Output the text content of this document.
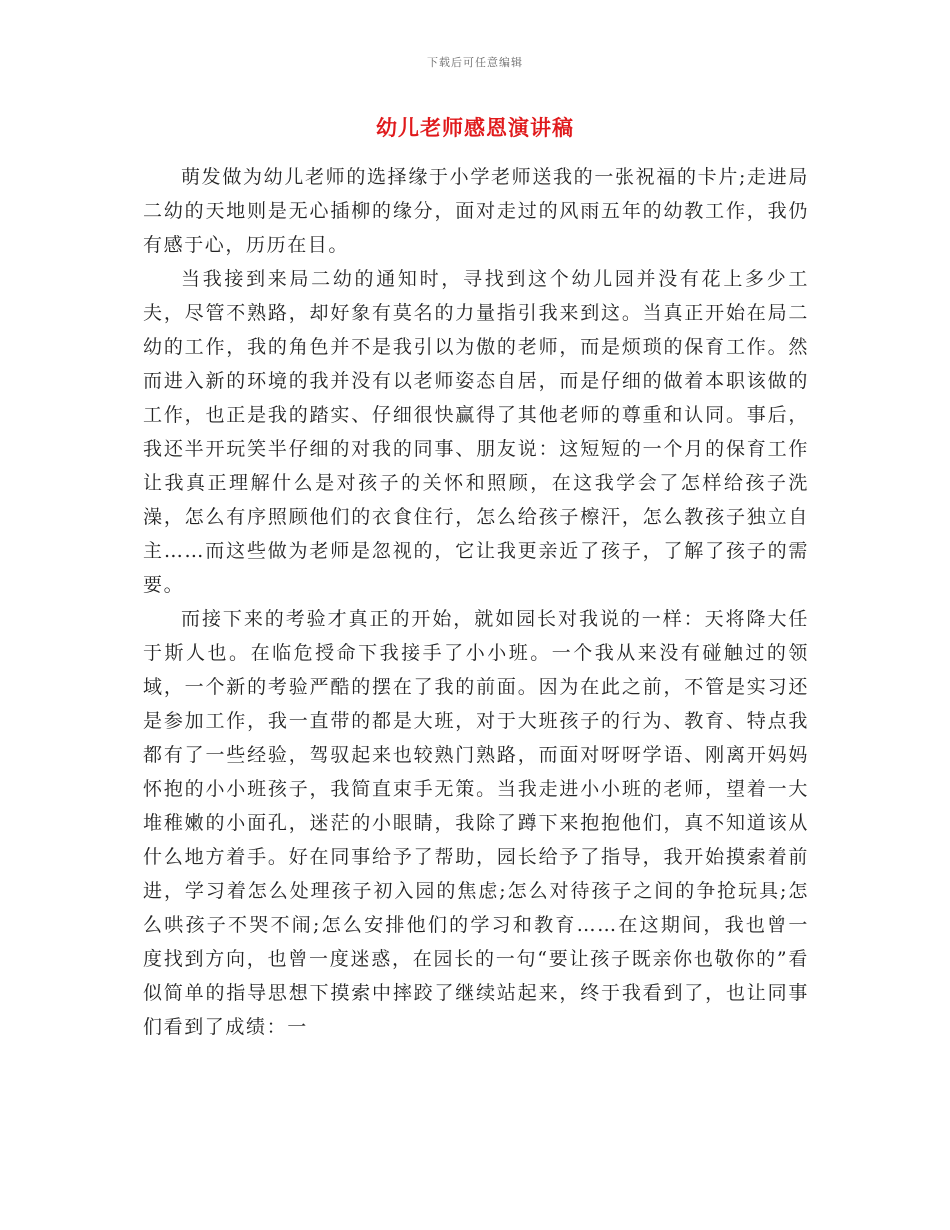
下载后可任意编辑
幼儿老师感恩演讲稿

萌发做为幼儿老师的选择缘于小学老师送我的一张祝福的卡片;走进局二幼的天地则是无心插柳的缘分，面对走过的风雨五年的幼教工作，我仍有感于心，历历在目。

当我接到来局二幼的通知时，寻找到这个幼儿园并没有花上多少工夫，尽管不熟路，却好象有莫名的力量指引我来到这。当真正开始在局二幼的工作，我的角色并不是我引以为傲的老师，而是烦琐的保育工作。然而进入新的环境的我并没有以老师姿态自居，而是仔细的做着本职该做的工作，也正是我的踏实、仔细很快赢得了其他老师的尊重和认同。事后，我还半开玩笑半仔细的对我的同事、朋友说：这短短的一个月的保育工作让我真正理解什么是对孩子的关怀和照顾，在这我学会了怎样给孩子洗澡，怎么有序照顾他们的衣食住行，怎么给孩子檫汗，怎么教孩子独立自主……而这些做为老师是忽视的，它让我更亲近了孩子，了解了孩子的需要。

而接下来的考验才真正的开始，就如园长对我说的一样：天将降大任于斯人也。在临危授命下我接手了小小班。一个我从来没有碰触过的领域，一个新的考验严酷的摆在了我的前面。因为在此之前，不管是实习还是参加工作，我一直带的都是大班，对于大班孩子的行为、教育、特点我都有了一些经验，驾驭起来也较熟门熟路，而面对呀呀学语、刚离开妈妈怀抱的小小班孩子，我简直束手无策。当我走进小小班的老师，望着一大堆稚嫩的小面孔，迷茫的小眼睛，我除了蹲下来抱抱他们，真不知道该从什么地方着手。好在同事给予了帮助，园长给予了指导，我开始摸索着前进，学习着怎么处理孩子初入园的焦虑;怎么对待孩子之间的争抢玩具;怎么哄孩子不哭不闹;怎么安排他们的学习和教育……在这期间，我也曾一度找到方向，也曾一度迷惑，在园长的一句“要让孩子既亲你也敬你的”看似简单的指导思想下摸索中摔跤了继续站起来，终于我看到了，也让同事们看到了成绩：一
